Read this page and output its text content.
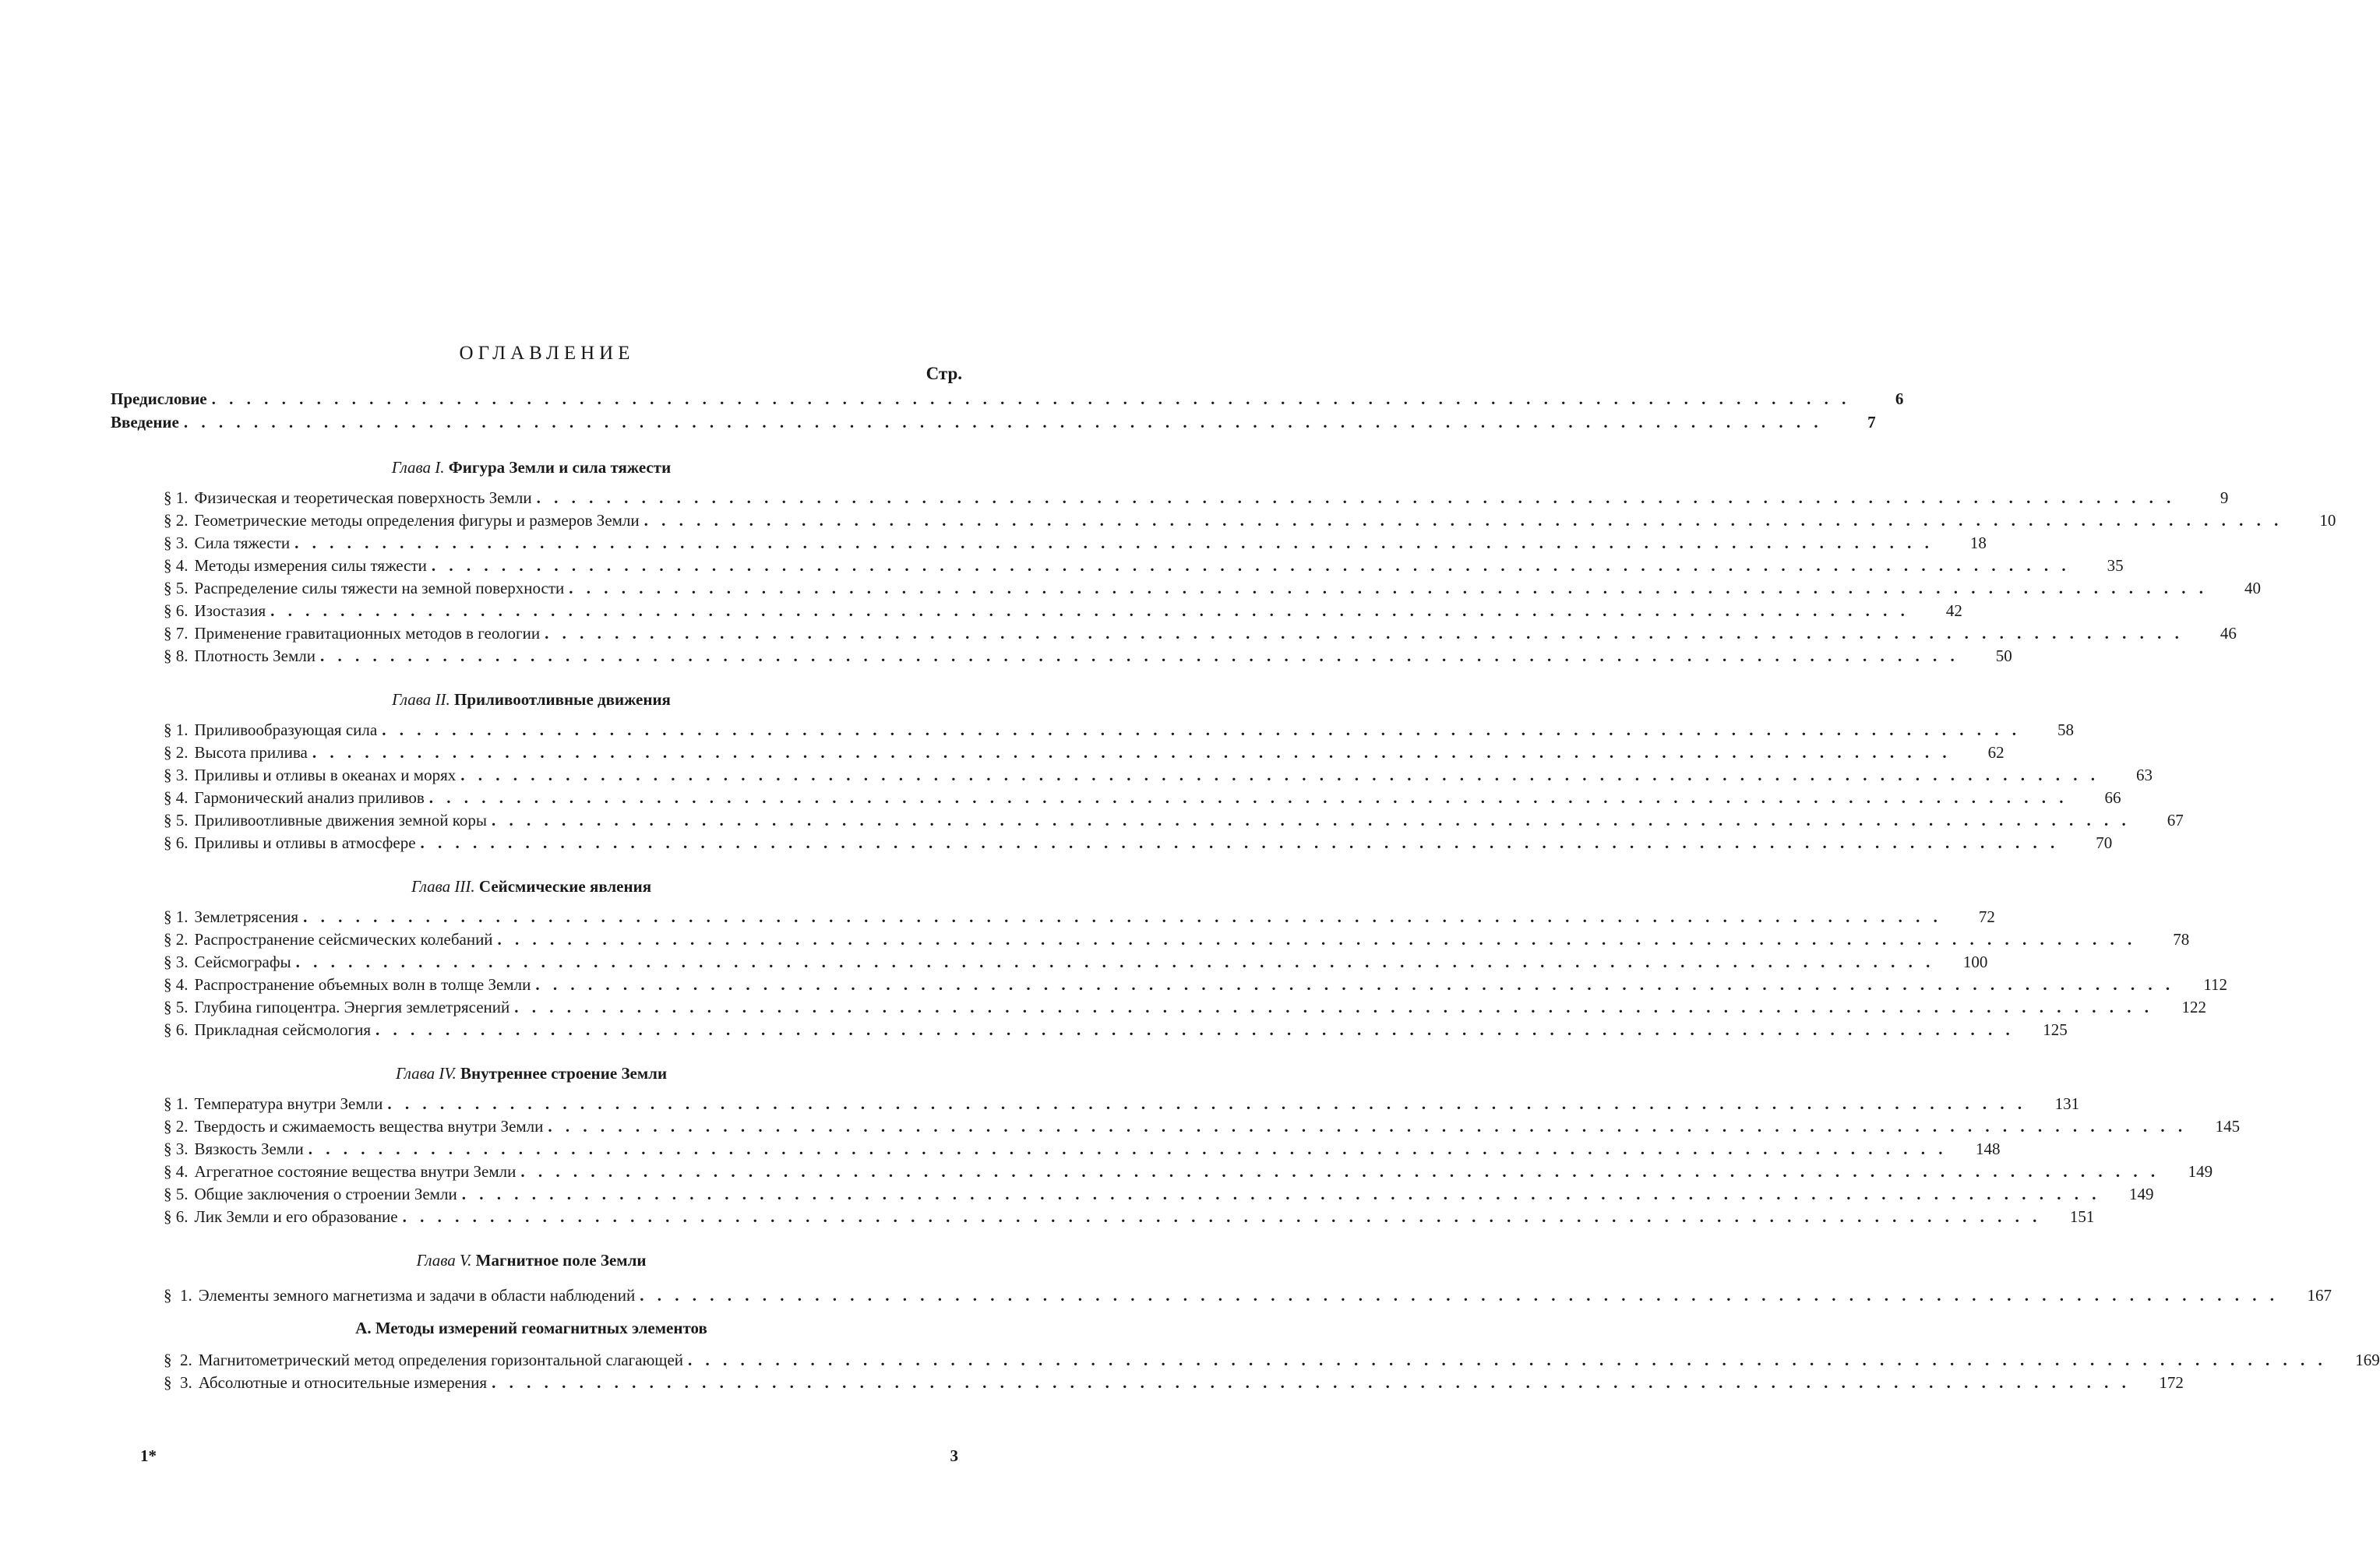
ОГЛАВЛЕНИЕ
Стр.
Предисловие . . . . . . . . . . . . . . . . . . . . . . . . . . . . . . . . . . . . . . . . . . . . . . . . . . . . . . . . . . . . . . . . . . . . . . . . . . . . . . . . . . . . . . . . . . . . . .	6
Введение . . . . . . . . . . . . . . . . . . . . . . . . . . . . . . . . . . . . . . . . . . . . . . . . . . . . . . . . . . . . . . . . . . . . . . . . . . . . . . . . . . . . . . . . . . . . . .	7
Глава I. Фигура Земли и сила тяжести
§ 1. Физическая и теоретическая поверхность Земли . . . . . . . . . . . . . . . . . . . . . . . . . . . . . . . . . . . . . . . . . . . . . . . . . . . . . . . . . . . . . . . . . . . . . . . . . . . . . . . . . . . . . . . . . . . . . .	9
§ 2. Геометрические методы определения фигуры и размеров Земли . . . . . . . . . . . . . . . . . . . . . . . . . . . . . . . . . . . . . . . . . . . . . . . . . . . . . . . . . . . . . . . . . . . . . . . . . . . . . . . . . . . . . . . . . . . . . .	10
§ 3. Сила тяжести . . . . . . . . . . . . . . . . . . . . . . . . . . . . . . . . . . . . . . . . . . . . . . . . . . . . . . . . . . . . . . . . . . . . . . . . . . . . . . . . . . . . . . . . . . . . . .	18
§ 4. Методы измерения силы тяжести . . . . . . . . . . . . . . . . . . . . . . . . . . . . . . . . . . . . . . . . . . . . . . . . . . . . . . . . . . . . . . . . . . . . . . . . . . . . . . . . . . . . . . . . . . . . . .	35
§ 5. Распределение силы тяжести на земной поверхности . . . . . . . . . . . . . . . . . . . . . . . . . . . . . . . . . . . . . . . . . . . . . . . . . . . . . . . . . . . . . . . . . . . . . . . . . . . . . . . . . . . . . . . . . . . . . .	40
§ 6. Изостазия . . . . . . . . . . . . . . . . . . . . . . . . . . . . . . . . . . . . . . . . . . . . . . . . . . . . . . . . . . . . . . . . . . . . . . . . . . . . . . . . . . . . . . . . . . . . . .	42
§ 7. Применение гравитационных методов в геологии . . . . . . . . . . . . . . . . . . . . . . . . . . . . . . . . . . . . . . . . . . . . . . . . . . . . . . . . . . . . . . . . . . . . . . . . . . . . . . . . . . . . . . . . . . . . . .	46
§ 8. Плотность Земли . . . . . . . . . . . . . . . . . . . . . . . . . . . . . . . . . . . . . . . . . . . . . . . . . . . . . . . . . . . . . . . . . . . . . . . . . . . . . . . . . . . . . . . . . . . . . .	50
Глава II. Приливоотливные движения
§ 1. Приливообразующая сила . . . . . . . . . . . . . . . . . . . . . . . . . . . . . . . . . . . . . . . . . . . . . . . . . . . . . . . . . . . . . . . . . . . . . . . . . . . . . . . . . . . . . . . . . . . . . .	58
§ 2. Высота прилива . . . . . . . . . . . . . . . . . . . . . . . . . . . . . . . . . . . . . . . . . . . . . . . . . . . . . . . . . . . . . . . . . . . . . . . . . . . . . . . . . . . . . . . . . . . . . .	62
§ 3. Приливы и отливы в океанах и морях . . . . . . . . . . . . . . . . . . . . . . . . . . . . . . . . . . . . . . . . . . . . . . . . . . . . . . . . . . . . . . . . . . . . . . . . . . . . . . . . . . . . . . . . . . . . . .	63
§ 4. Гармонический анализ приливов . . . . . . . . . . . . . . . . . . . . . . . . . . . . . . . . . . . . . . . . . . . . . . . . . . . . . . . . . . . . . . . . . . . . . . . . . . . . . . . . . . . . . . . . . . . . . .	66
§ 5. Приливоотливные движения земной коры . . . . . . . . . . . . . . . . . . . . . . . . . . . . . . . . . . . . . . . . . . . . . . . . . . . . . . . . . . . . . . . . . . . . . . . . . . . . . . . . . . . . . . . . . . . . . .	67
§ 6. Приливы и отливы в атмосфере . . . . . . . . . . . . . . . . . . . . . . . . . . . . . . . . . . . . . . . . . . . . . . . . . . . . . . . . . . . . . . . . . . . . . . . . . . . . . . . . . . . . . . . . . . . . . .	70
Глава III. Сейсмические явления
§ 1. Землетрясения . . . . . . . . . . . . . . . . . . . . . . . . . . . . . . . . . . . . . . . . . . . . . . . . . . . . . . . . . . . . . . . . . . . . . . . . . . . . . . . . . . . . . . . . . . . . . .	72
§ 2. Распространение сейсмических колебаний . . . . . . . . . . . . . . . . . . . . . . . . . . . . . . . . . . . . . . . . . . . . . . . . . . . . . . . . . . . . . . . . . . . . . . . . . . . . . . . . . . . . . . . . . . . . . .	78
§ 3. Сейсмографы . . . . . . . . . . . . . . . . . . . . . . . . . . . . . . . . . . . . . . . . . . . . . . . . . . . . . . . . . . . . . . . . . . . . . . . . . . . . . . . . . . . . . . . . . . . . . .	100
§ 4. Распространение объемных волн в толще Земли . . . . . . . . . . . . . . . . . . . . . . . . . . . . . . . . . . . . . . . . . . . . . . . . . . . . . . . . . . . . . . . . . . . . . . . . . . . . . . . . . . . . . . . . . . . . . .	112
§ 5. Глубина гипоцентра. Энергия землетрясений . . . . . . . . . . . . . . . . . . . . . . . . . . . . . . . . . . . . . . . . . . . . . . . . . . . . . . . . . . . . . . . . . . . . . . . . . . . . . . . . . . . . . . . . . . . . . .	122
§ 6. Прикладная сейсмология . . . . . . . . . . . . . . . . . . . . . . . . . . . . . . . . . . . . . . . . . . . . . . . . . . . . . . . . . . . . . . . . . . . . . . . . . . . . . . . . . . . . . . . . . . . . . .	125
Глава IV. Внутреннее строение Земли
§ 1. Температура внутри Земли . . . . . . . . . . . . . . . . . . . . . . . . . . . . . . . . . . . . . . . . . . . . . . . . . . . . . . . . . . . . . . . . . . . . . . . . . . . . . . . . . . . . . . . . . . . . . .	131
§ 2. Твердость и сжимаемость вещества внутри Земли . . . . . . . . . . . . . . . . . . . . . . . . . . . . . . . . . . . . . . . . . . . . . . . . . . . . . . . . . . . . . . . . . . . . . . . . . . . . . . . . . . . . . . . . . . . . . .	145
§ 3. Вязкость Земли . . . . . . . . . . . . . . . . . . . . . . . . . . . . . . . . . . . . . . . . . . . . . . . . . . . . . . . . . . . . . . . . . . . . . . . . . . . . . . . . . . . . . . . . . . . . . .	148
§ 4. Агрегатное состояние вещества внутри Земли . . . . . . . . . . . . . . . . . . . . . . . . . . . . . . . . . . . . . . . . . . . . . . . . . . . . . . . . . . . . . . . . . . . . . . . . . . . . . . . . . . . . . . . . . . . . . .	149
§ 5. Общие заключения о строении Земли . . . . . . . . . . . . . . . . . . . . . . . . . . . . . . . . . . . . . . . . . . . . . . . . . . . . . . . . . . . . . . . . . . . . . . . . . . . . . . . . . . . . . . . . . . . . . .	149
§ 6. Лик Земли и его образование . . . . . . . . . . . . . . . . . . . . . . . . . . . . . . . . . . . . . . . . . . . . . . . . . . . . . . . . . . . . . . . . . . . . . . . . . . . . . . . . . . . . . . . . . . . . . .	151
Глава V. Магнитное поле Земли
§  1. Элементы земного магнетизма и задачи в области наблюдений . . . . . . . . . . . . . . . . . . . . . . . . . . . . . . . . . . . . . . . . . . . . . . . . . . . . . . . . . . . . . . . . . . . . . . . . . . . . . . . . . . . . . . . . . . . . . .	167
А. Методы измерений геомагнитных элементов
§  2. Магнитометрический метод определения горизонтальной слагающей . . . . . . . . . . . . . . . . . . . . . . . . . . . . . . . . . . . . . . . . . . . . . . . . . . . . . . . . . . . . . . . . . . . . . . . . . . . . . . . . . . . . . . . . . . . . . .	169
§  3. Абсолютные и относительные измерения . . . . . . . . . . . . . . . . . . . . . . . . . . . . . . . . . . . . . . . . . . . . . . . . . . . . . . . . . . . . . . . . . . . . . . . . . . . . . . . . . . . . . . . . . . . . . .	172
1*	3
